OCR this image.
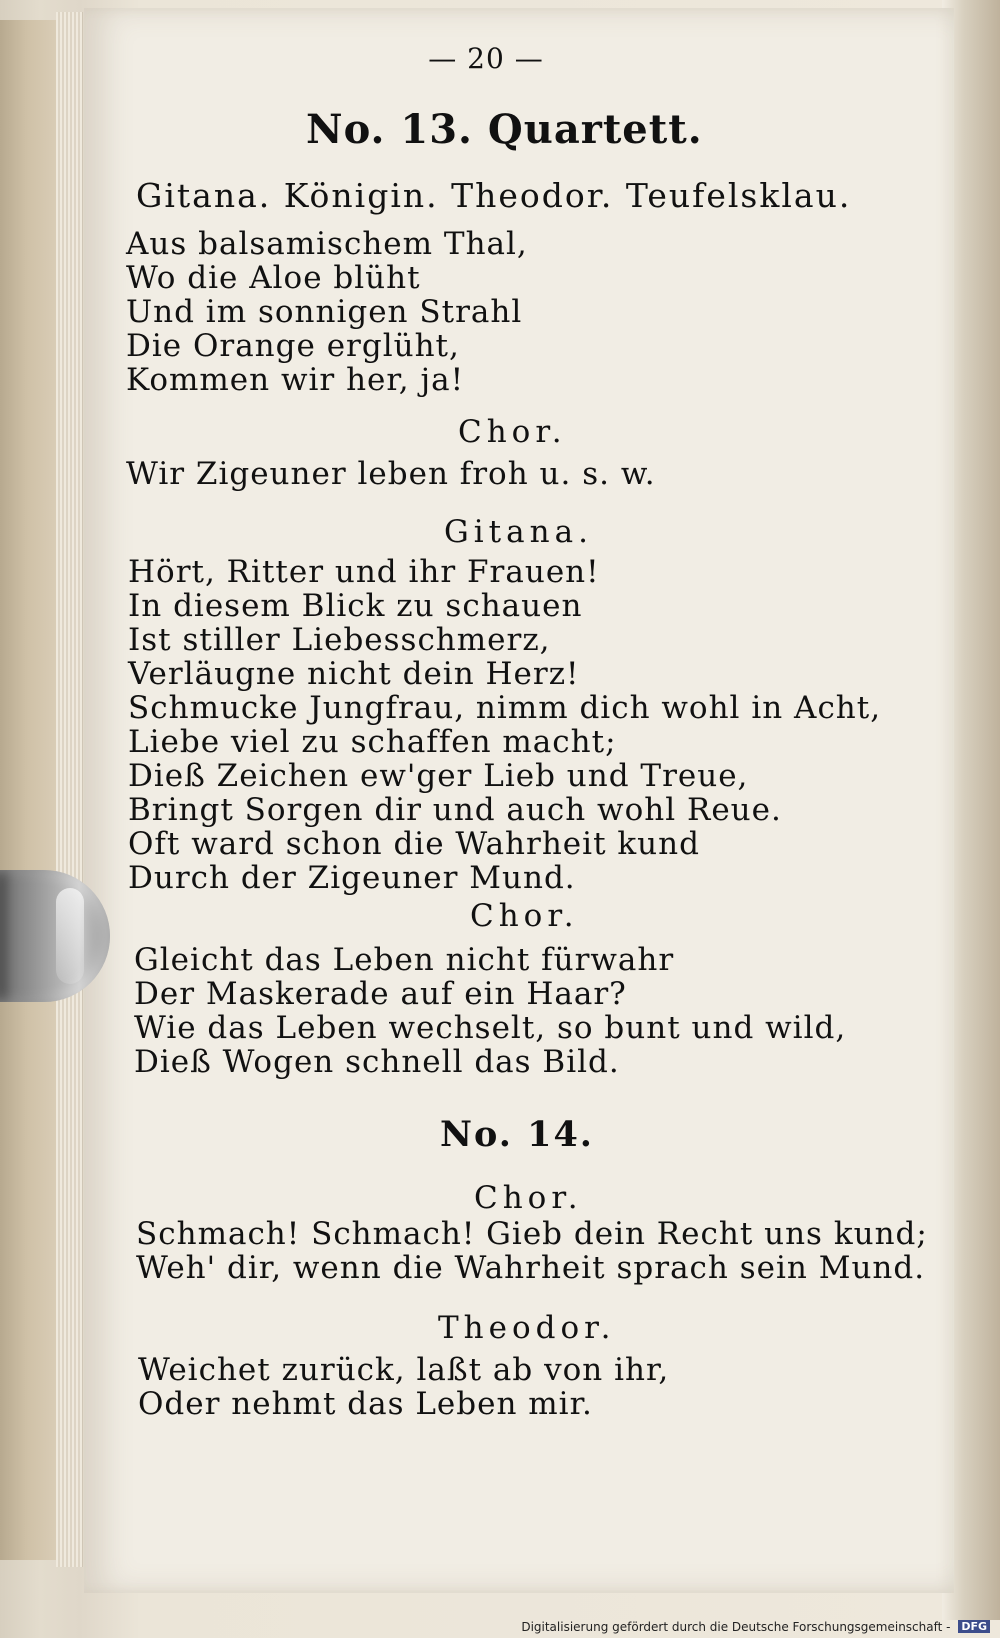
— 20 —
No. 13. Quartett.
Gitana. Königin. Theodor. Teufelsklau.
Aus balsamischem Thal,
Wo die Aloe blüht
Und im sonnigen Strahl
Die Orange erglüht,
Kommen wir her, ja!
Chor.
Wir Zigeuner leben froh u. s. w.
Gitana.
Hört, Ritter und ihr Frauen!
In diesem Blick zu schauen
Ist stiller Liebesschmerz,
Verläugne nicht dein Herz!
Schmucke Jungfrau, nimm dich wohl in Acht,
Liebe viel zu schaffen macht;
Dieß Zeichen ew'ger Lieb und Treue,
Bringt Sorgen dir und auch wohl Reue.
Oft ward schon die Wahrheit kund
Durch der Zigeuner Mund.
Chor.
Gleicht das Leben nicht fürwahr
Der Maskerade auf ein Haar?
Wie das Leben wechselt, so bunt und wild,
Dieß Wogen schnell das Bild.
No. 14.
Chor.
Schmach! Schmach! Gieb dein Recht uns kund;
Weh' dir, wenn die Wahrheit sprach sein Mund.
Theodor.
Weichet zurück, laßt ab von ihr,
Oder nehmt das Leben mir.
Digitalisierung gefördert durch die Deutsche Forschungsgemeinschaft - DFG
